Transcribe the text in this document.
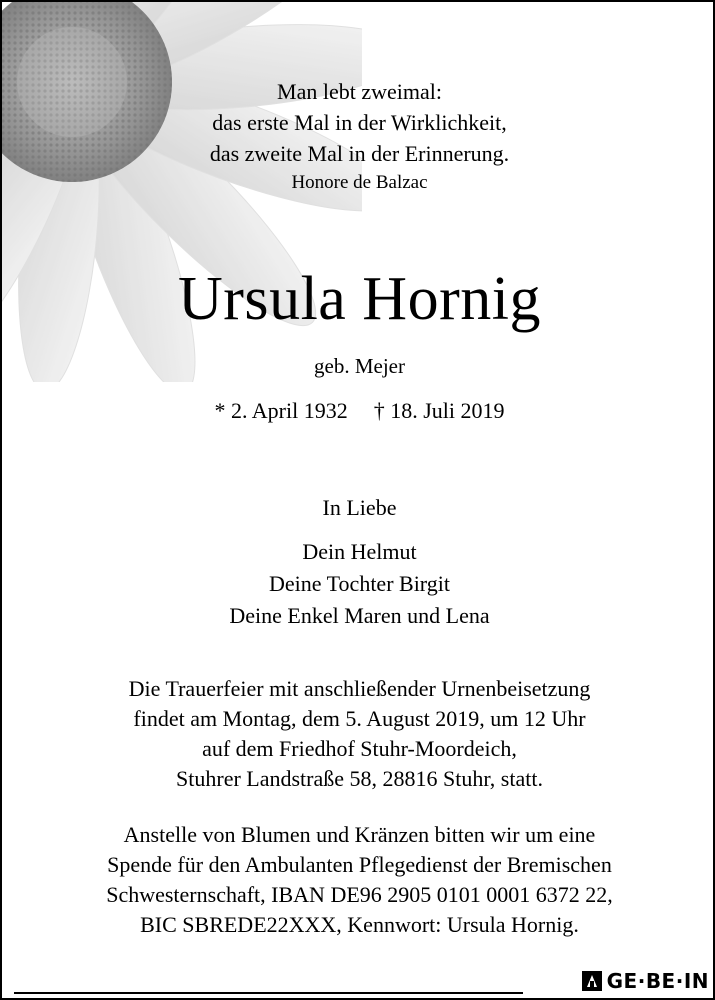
Man lebt zweimal:
das erste Mal in der Wirklichkeit,
das zweite Mal in der Erinnerung.
Honore de Balzac
Ursula Hornig
geb. Mejer
* 2. April 1932 † 18. Juli 2019
In Liebe
Dein Helmut
Deine Tochter Birgit
Deine Enkel Maren und Lena
Die Trauerfeier mit anschließender Urnenbeisetzung
findet am Montag, dem 5. August 2019, um 12 Uhr
auf dem Friedhof Stuhr-Moordeich,
Stuhrer Landstraße 58, 28816 Stuhr, statt.
Anstelle von Blumen und Kränzen bitten wir um eine
Spende für den Ambulanten Pflegedienst der Bremischen
Schwesternschaft, IBAN DE96 2905 0101 0001 6372 22,
BIC SBREDE22XXX, Kennwort: Ursula Hornig.
GE·BE·IN
